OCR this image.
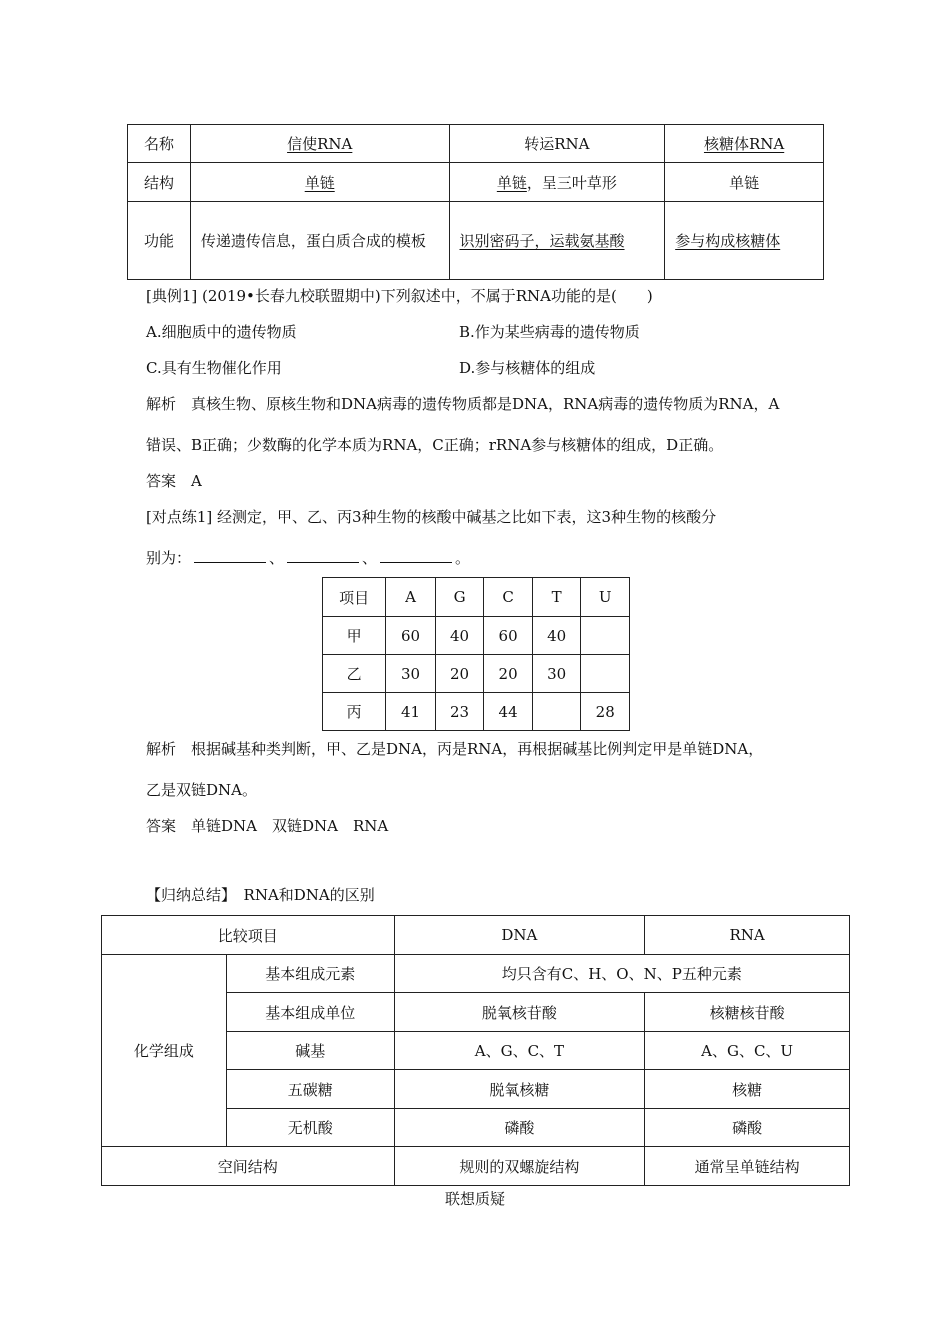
名称	信使RNA	转运RNA	核糖体RNA
结构	单链	单链，呈三叶草形	单链
功能	传递遗传信息，蛋白质合成的模板	识别密码子，运载氨基酸	参与构成核糖体
[典例1] (2019•长春九校联盟期中)下列叙述中，不属于RNA功能的是(　　)
A.细胞质中的遗传物质	B.作为某些病毒的遗传物质
C.具有生物催化作用	D.参与核糖体的组成
解析　真核生物、原核生物和DNA病毒的遗传物质都是DNA，RNA病毒的遗传物质为RNA，A
错误、B正确；少数酶的化学本质为RNA，C正确；rRNA参与核糖体的组成，D正确。
答案　A
[对点练1] 经测定，甲、乙、丙3种生物的核酸中碱基之比如下表，这3种生物的核酸分
别为：	、	、	。
项目	A	G	C	T	U
甲	60	40	60	40	
乙	30	20	20	30	
丙	41	23	44		28
解析　根据碱基种类判断，甲、乙是DNA，丙是RNA，再根据碱基比例判定甲是单链DNA，
乙是双链DNA。
答案　单链DNA　双链DNA　RNA
【归纳总结】　 RNA和DNA的区别
比较项目		DNA	RNA
化学组成	基本组成元素	均只含有C、H、O、N、P五种元素	
	基本组成单位	脱氧核苷酸	核糖核苷酸
	碱基	A、G、C、T	A、G、C、U
	五碳糖	脱氧核糖	核糖
	无机酸	磷酸	磷酸
空间结构		规则的双螺旋结构	通常呈单链结构
联想质疑
